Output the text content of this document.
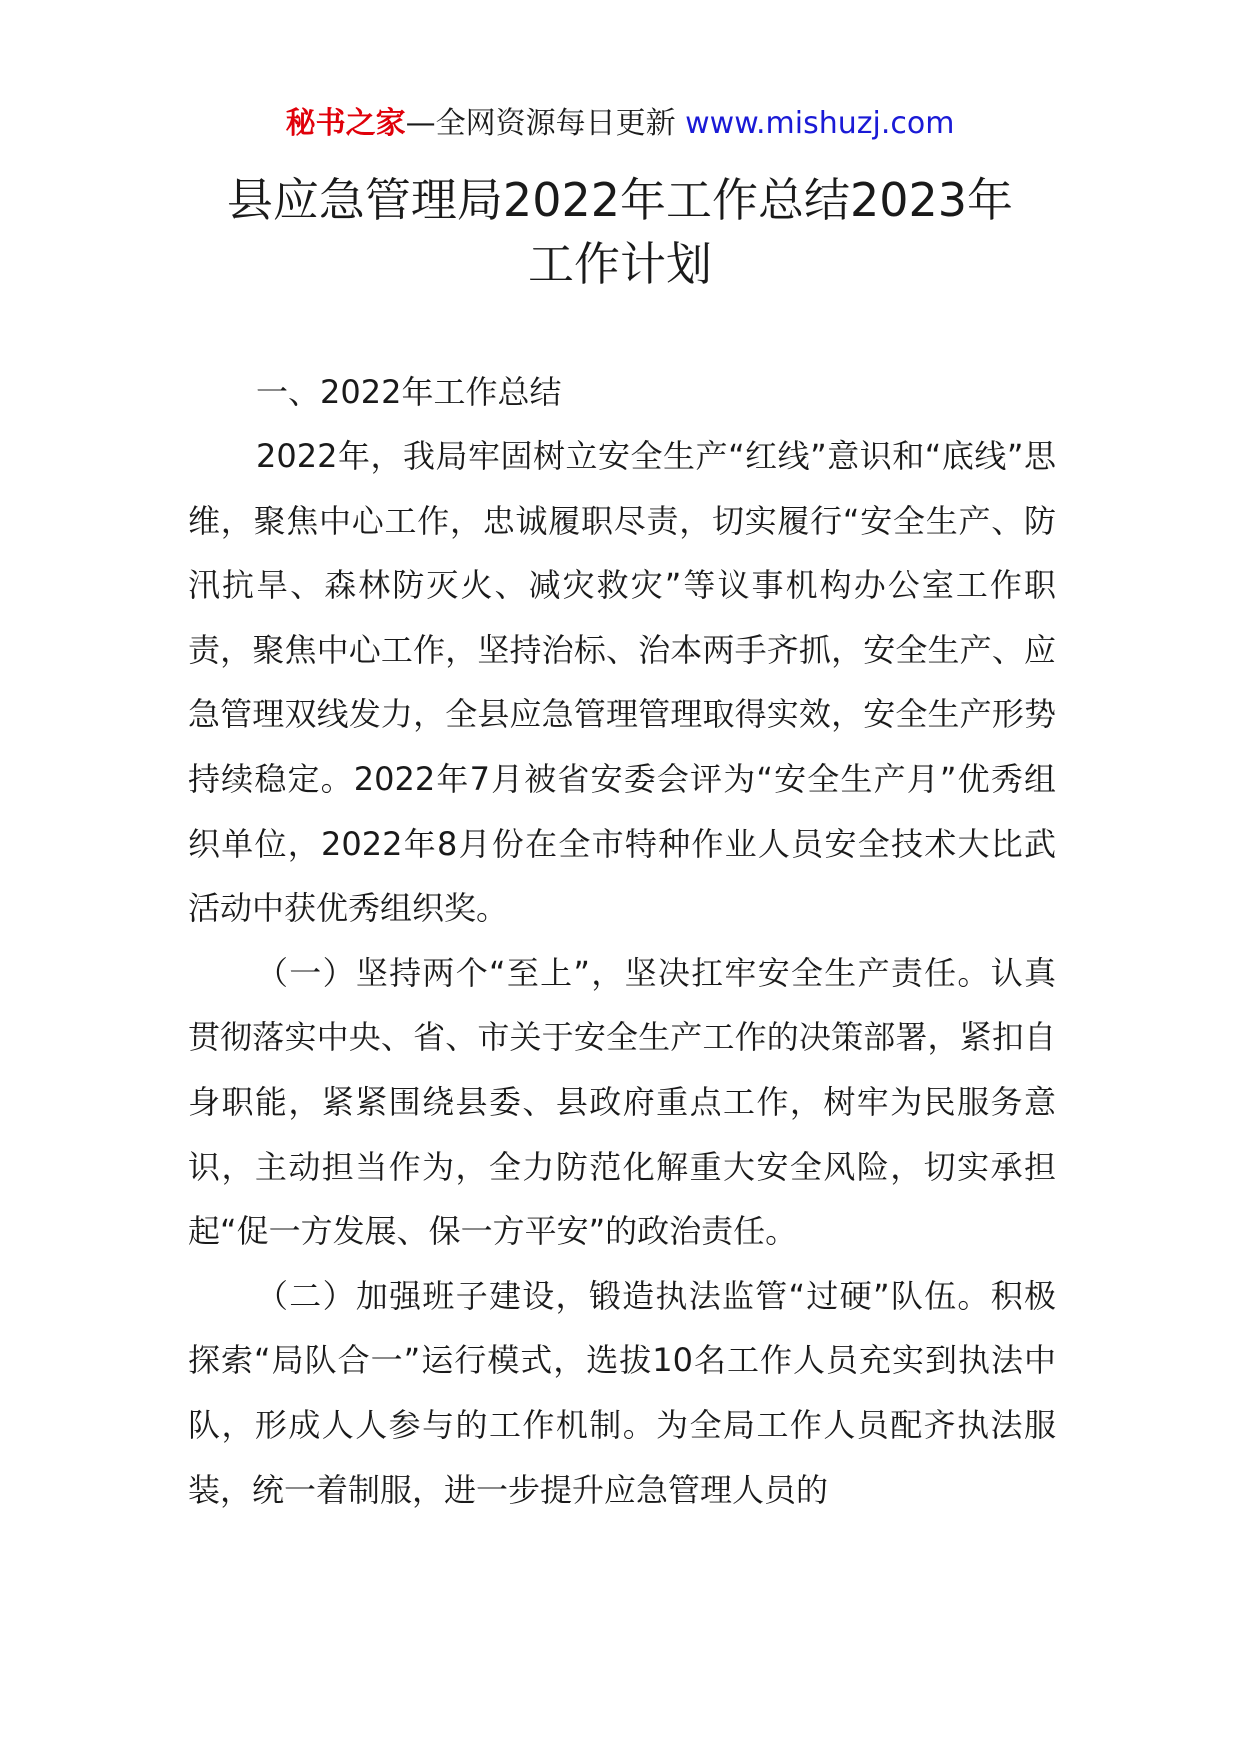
秘书之家—全网资源每日更新 www.mishuzj.com
县应急管理局2022年工作总结2023年
工作计划

一、2022年工作总结

2022年，我局牢固树立安全生产“红线”意识和“底线”思维，聚焦中心工作，忠诚履职尽责，切实履行“安全生产、防汛抗旱、森林防灭火、减灾救灾”等议事机构办公室工作职责，聚焦中心工作，坚持治标、治本两手齐抓，安全生产、应急管理双线发力，全县应急管理管理取得实效，安全生产形势持续稳定。2022年7月被省安委会评为“安全生产月”优秀组织单位，2022年8月份在全市特种作业人员安全技术大比武活动中获优秀组织奖。

（一）坚持两个“至上”，坚决扛牢安全生产责任。认真贯彻落实中央、省、市关于安全生产工作的决策部署，紧扣自身职能，紧紧围绕县委、县政府重点工作，树牢为民服务意识，主动担当作为，全力防范化解重大安全风险，切实承担起“促一方发展、保一方平安”的政治责任。

（二）加强班子建设，锻造执法监管“过硬”队伍。积极探索“局队合一”运行模式，选拔10名工作人员充实到执法中队，形成人人参与的工作机制。为全局工作人员配齐执法服装，统一着制服，进一步提升应急管理人员的
